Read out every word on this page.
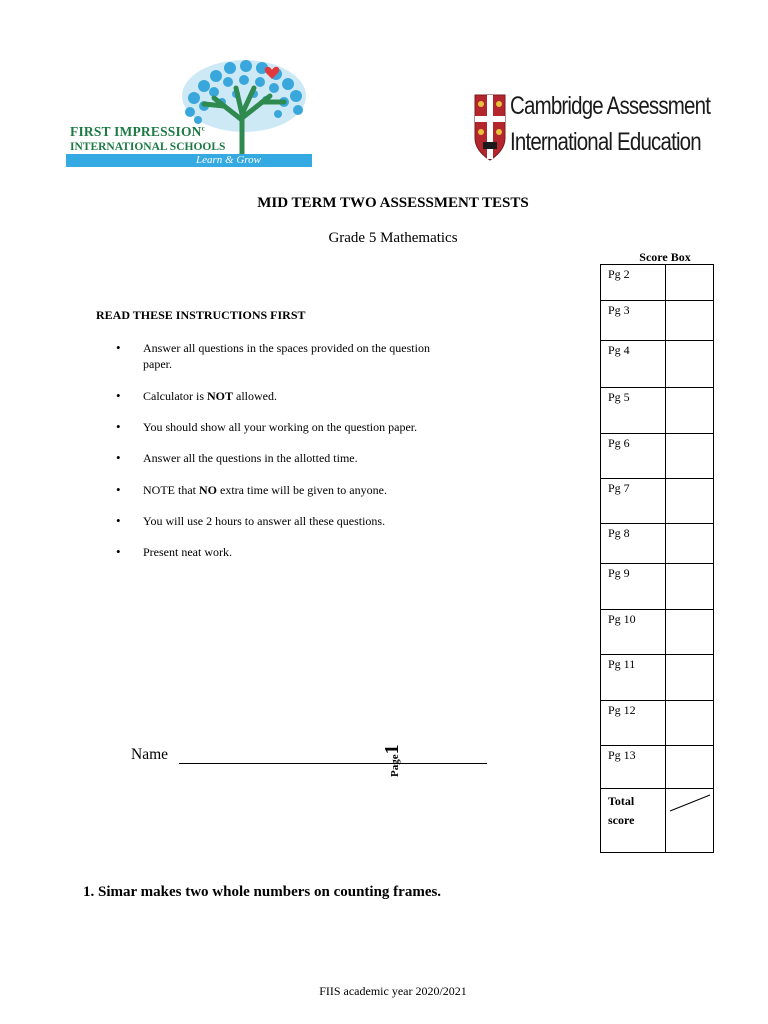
FIRST IMPRESSION$^c$
INTERNATIONAL SCHOOLS
Learn & Grow
Cambridge Assessment
International Education
MID TERM TWO ASSESSMENT TESTS
Grade 5 Mathematics
READ THESE INSTRUCTIONS FIRST
• Answer all questions in the spaces provided on the question paper.
• Calculator is NOT allowed.
• You should show all your working on the question paper.
• Answer all the questions in the allotted time.
• NOTE that NO extra time will be given to anyone.
• You will use 2 hours to answer all these questions.
• Present neat work.
Score Box
Pg 2	
Pg 3	
Pg 4	
Pg 5	
Pg 6	
Pg 7	
Pg 8	
Pg 9	
Pg 10	
Pg 11	
Pg 12	
Pg 13	
Total
score	
Name	Page1
1. Simar makes two whole numbers on counting frames.
FIIS academic year 2020/2021
